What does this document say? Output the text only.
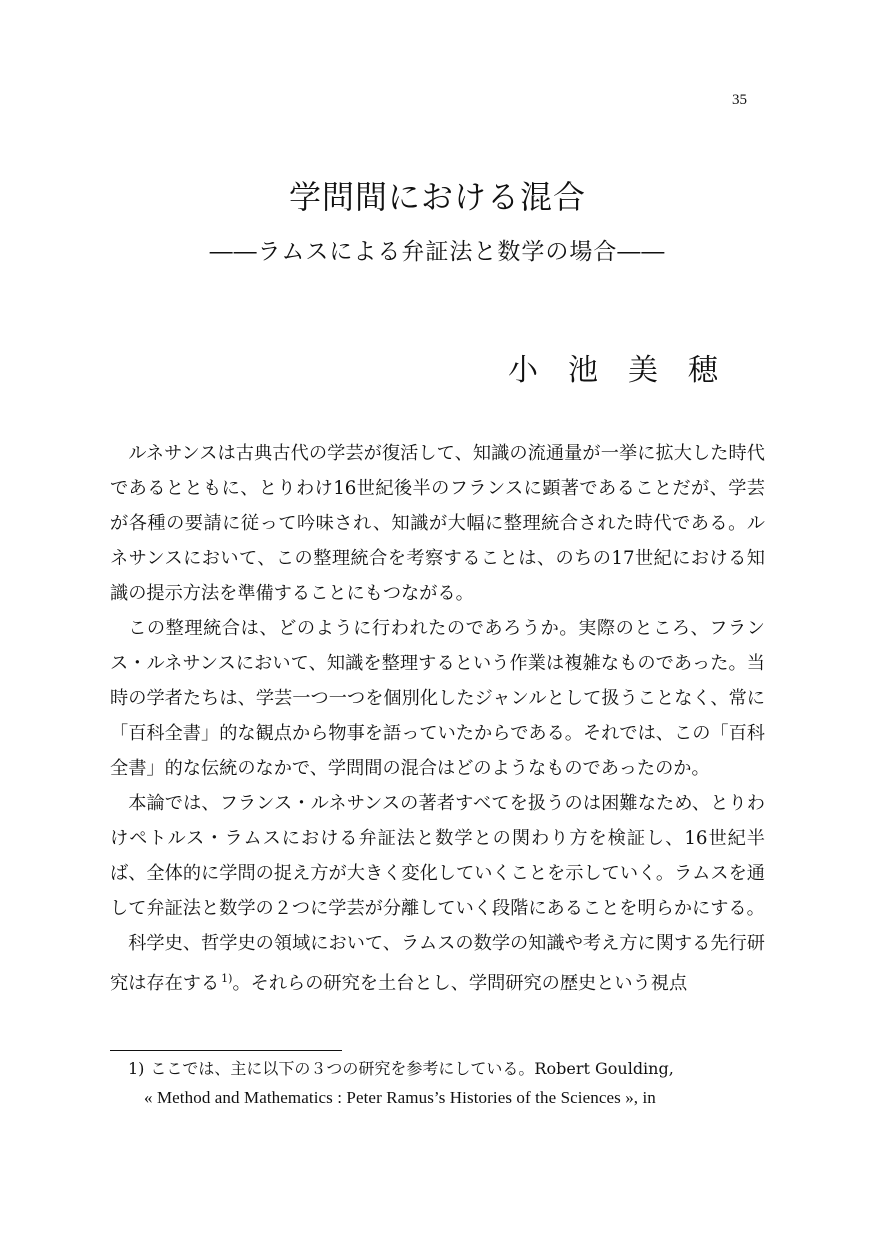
35
学問間における混合
――ラムスによる弁証法と数学の場合――
小池美穂

ルネサンスは古典古代の学芸が復活して、知識の流通量が一挙に拡大した時代であるとともに、とりわけ16世紀後半のフランスに顕著であることだが、学芸が各種の要請に従って吟味され、知識が大幅に整理統合された時代である。ルネサンスにおいて、この整理統合を考察することは、のちの17世紀における知識の提示方法を準備することにもつながる。

この整理統合は、どのように行われたのであろうか。実際のところ、フランス・ルネサンスにおいて、知識を整理するという作業は複雑なものであった。当時の学者たちは、学芸一つ一つを個別化したジャンルとして扱うことなく、常に「百科全書」的な観点から物事を語っていたからである。それでは、この「百科全書」的な伝統のなかで、学問間の混合はどのようなものであったのか。

本論では、フランス・ルネサンスの著者すべてを扱うのは困難なため、とりわけペトルス・ラムスにおける弁証法と数学との関わり方を検証し、16世紀半ば、全体的に学問の捉え方が大きく変化していくことを示していく。ラムスを通して弁証法と数学の２つに学芸が分離していく段階にあることを明らかにする。

科学史、哲学史の領域において、ラムスの数学の知識や考え方に関する先行研究は存在する $^{1)}$。それらの研究を土台とし、学問研究の歴史という視点

1) ここでは、主に以下の３つの研究を参考にしている。Robert Goulding,
« Method and Mathematics : Peter Ramus’s Histories of the Sciences », in
